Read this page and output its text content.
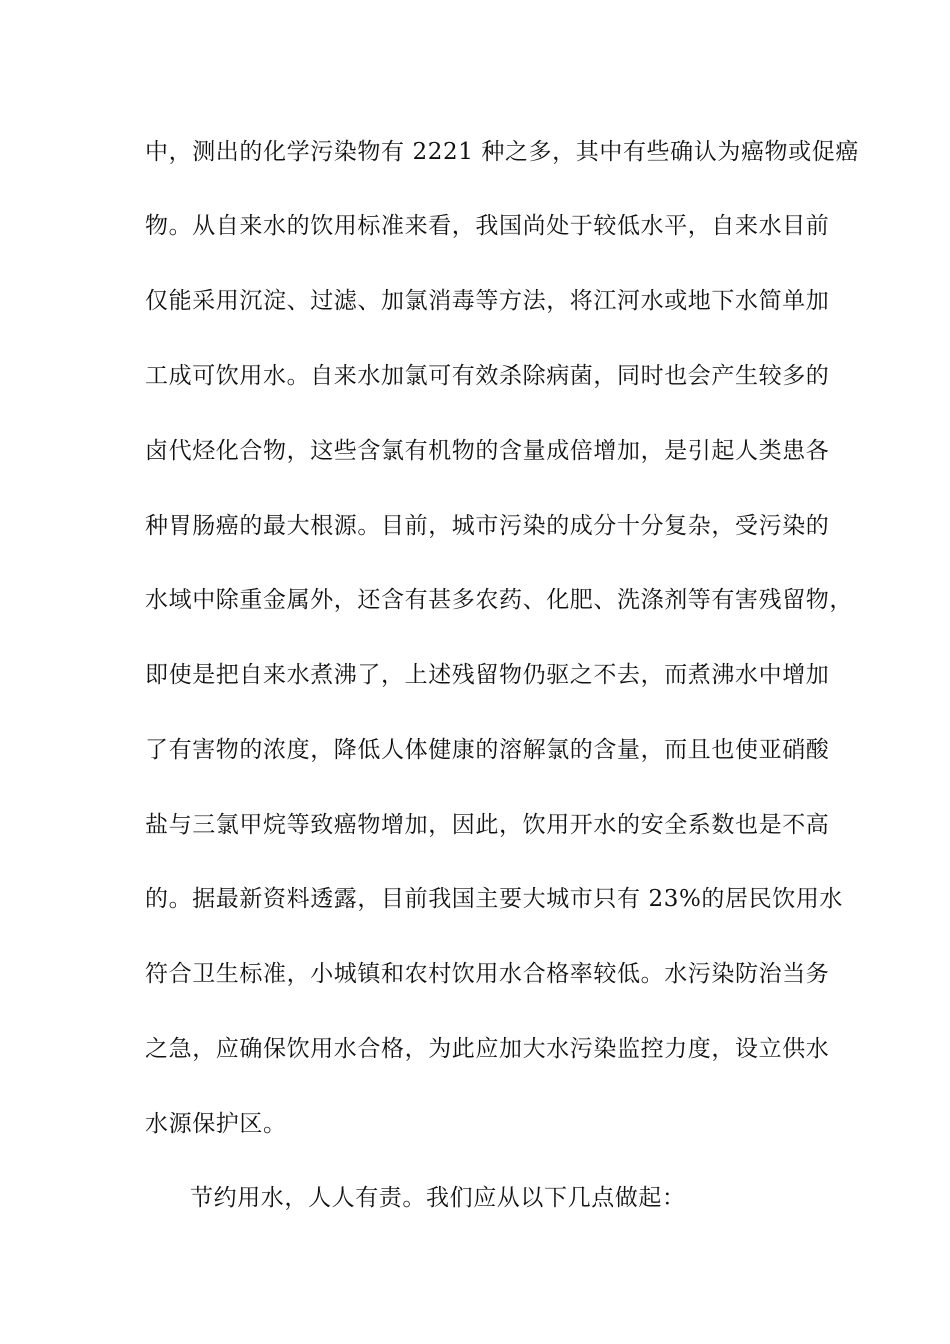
中，测出的化学污染物有 2221 种之多，其中有些确认为癌物或促癌
物。从自来水的饮用标准来看，我国尚处于较低水平，自来水目前
仅能采用沉淀、过滤、加氯消毒等方法，将江河水或地下水简单加
工成可饮用水。自来水加氯可有效杀除病菌，同时也会产生较多的
卤代烃化合物，这些含氯有机物的含量成倍增加，是引起人类患各
种胃肠癌的最大根源。目前，城市污染的成分十分复杂，受污染的
水域中除重金属外，还含有甚多农药、化肥、洗涤剂等有害残留物，
即使是把自来水煮沸了，上述残留物仍驱之不去，而煮沸水中增加
了有害物的浓度，降低人体健康的溶解氯的含量，而且也使亚硝酸
盐与三氯甲烷等致癌物增加，因此，饮用开水的安全系数也是不高
的。据最新资料透露，目前我国主要大城市只有 23%的居民饮用水
符合卫生标准，小城镇和农村饮用水合格率较低。水污染防治当务
之急，应确保饮用水合格，为此应加大水污染监控力度，设立供水
水源保护区。
节约用水，人人有责。我们应从以下几点做起：
